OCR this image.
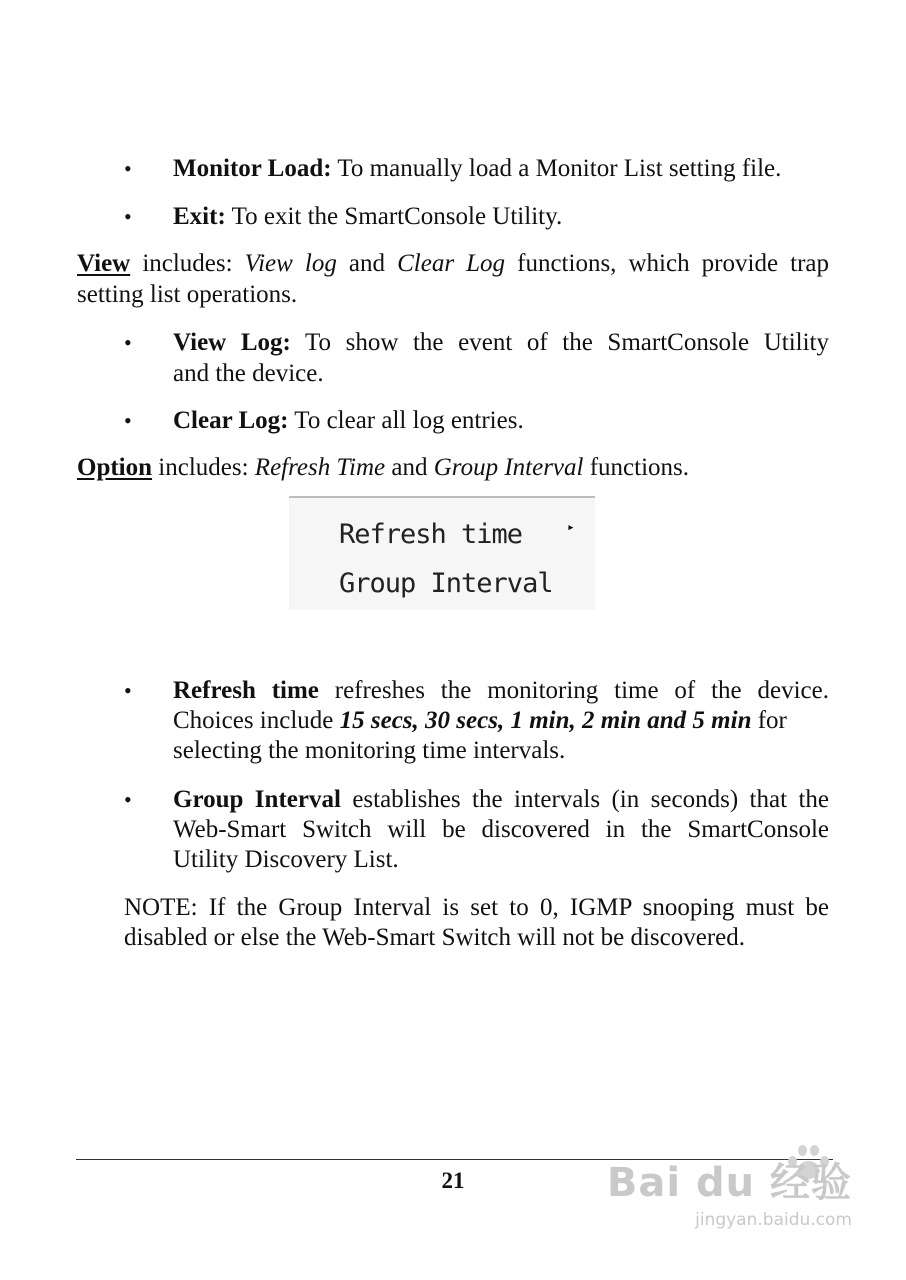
• Monitor Load: To manually load a Monitor List setting file.
• Exit: To exit the SmartConsole Utility.
View includes: View log and Clear Log functions, which provide trap
setting list operations.
• View Log: To show the event of the SmartConsole Utility
and the device.
• Clear Log: To clear all log entries.
Option includes: Refresh Time and Group Interval functions.
Refresh time	▸
Group Interval
• Refresh time refreshes the monitoring time of the device.
Choices include 15 secs, 30 secs, 1 min, 2 min and 5 min for
selecting the monitoring time intervals.
• Group Interval establishes the intervals (in seconds) that the
Web-Smart Switch will be discovered in the SmartConsole
Utility Discovery List.
NOTE: If the Group Interval is set to 0, IGMP snooping must be
disabled or else the Web-Smart Switch will not be discovered.
21	Bai du 经验
jingyan.baidu.com
